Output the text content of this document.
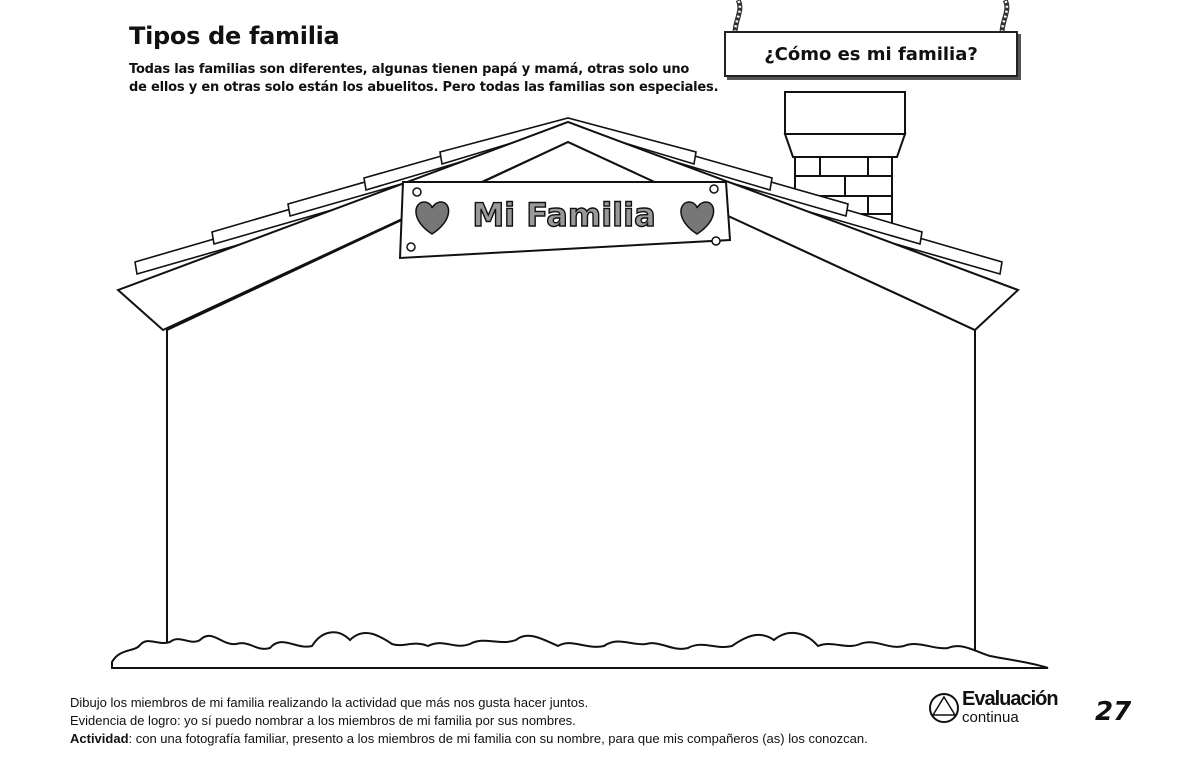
Tipos de familia
Todas las familias son diferentes, algunas tienen papá y mamá, otras solo uno
de ellos y en otras solo están los abuelitos. Pero todas las familias son especiales.
Mi Familia
¿Cómo es mi familia?
Dibujo los miembros de mi familia realizando la actividad que más nos gusta hacer juntos.
Evidencia de logro: yo sí puedo nombrar a los miembros de mi familia por sus nombres.
Actividad: con una fotografía familiar, presento a los miembros de mi familia con su nombre, para que mis compañeros (as) los conozcan.
Evaluación
continua	27
